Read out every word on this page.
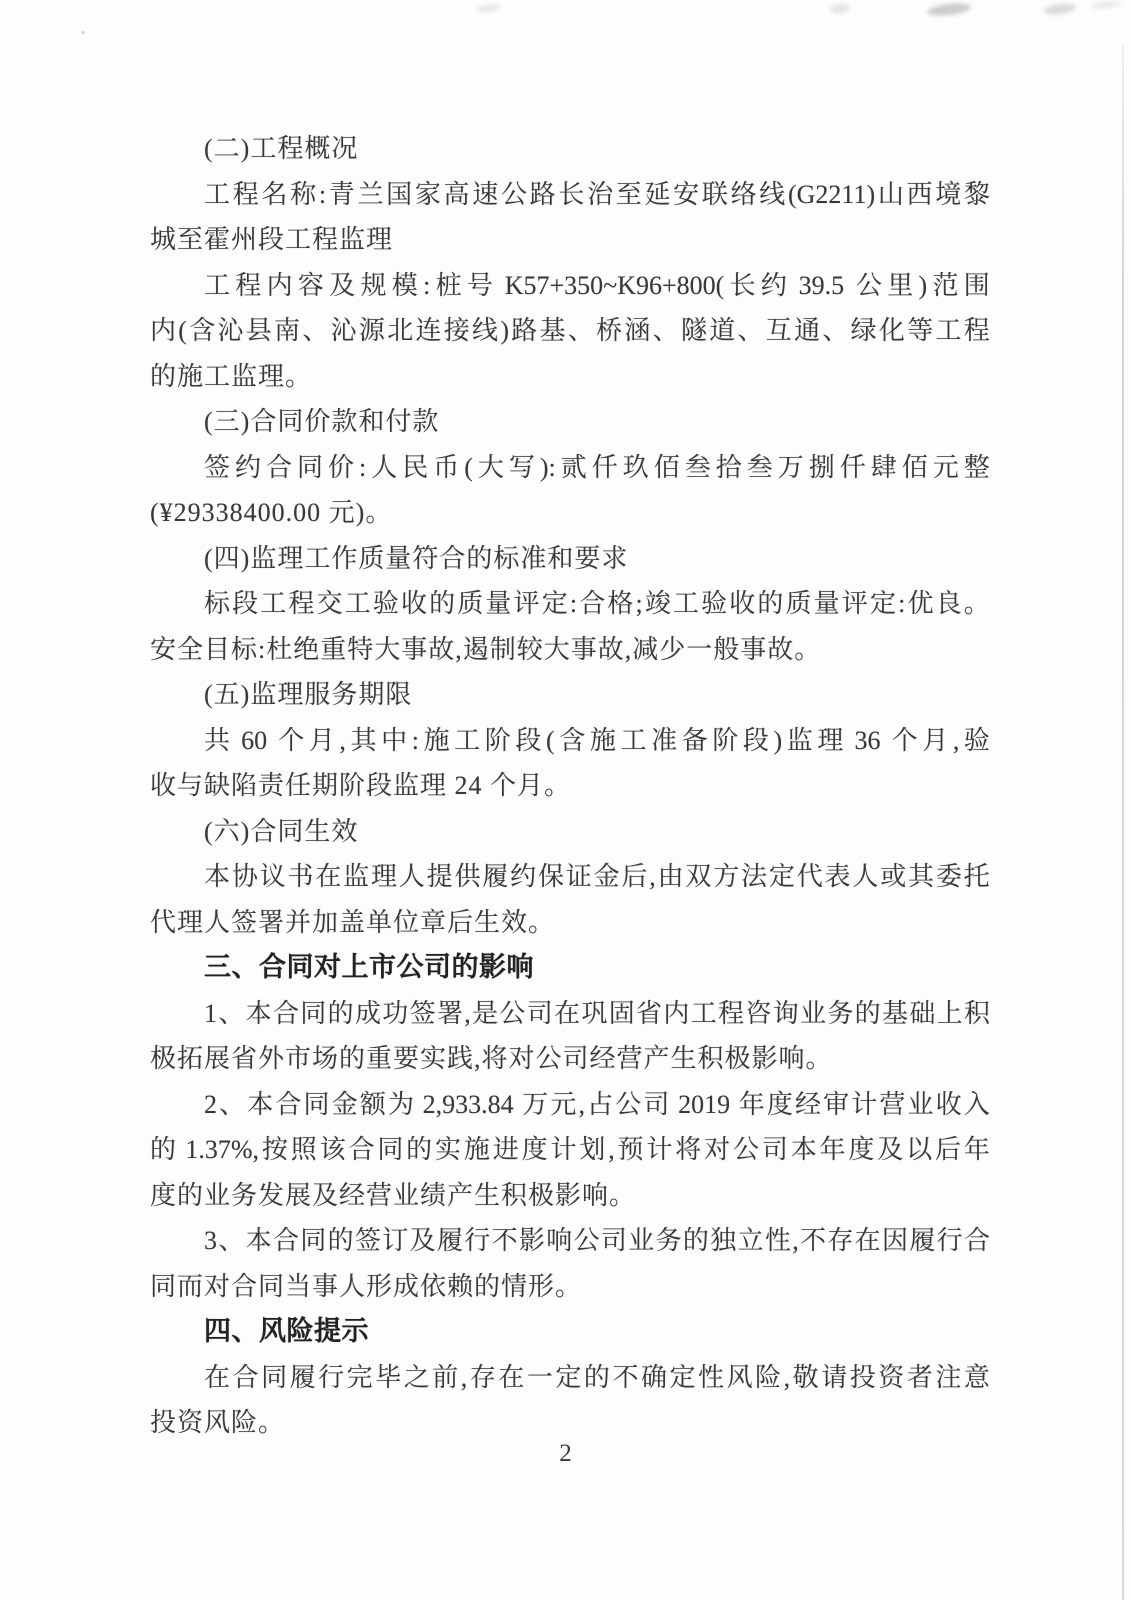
(二)工程概况
工 程 名 称 : 青 兰 国 家 高 速 公 路 长 治 至 延 安 联 络 线 (G2211) 山 西 境 黎
城至霍州段工程监理
工 程 内 容 及 规 模 : 桩 号 K57+350~K96+800( 长 约 39.5 公 里 ) 范 围
内 ( 含 沁 县 南 、 沁 源 北 连 接 线 ) 路 基 、 桥 涵 、 隧 道 、 互 通 、 绿 化 等 工 程
的施工监理。
(三)合同价款和付款
签 约 合 同 价 : 人 民 币 ( 大 写 ): 贰 仟 玖 佰 叁 拾 叁 万 捌 仟 肆 佰 元 整
(¥29338400.00 元)。
(四)监理工作质量符合的标准和要求
标 段 工 程 交 工 验 收 的 质 量 评 定 : 合 格 ; 竣 工 验 收 的 质 量 评 定 : 优 良 。
安全目标:杜绝重特大事故,遏制较大事故,减少一般事故。
(五)监理服务期限
共 60 个 月 , 其 中 : 施 工 阶 段 ( 含 施 工 准 备 阶 段 ) 监 理 36 个 月 , 验
收与缺陷责任期阶段监理 24 个月。
(六)合同生效
本 协 议 书 在 监 理 人 提 供 履 约 保 证 金 后 , 由 双 方 法 定 代 表 人 或 其 委 托
代理人签署并加盖单位章后生效。
三、合同对上市公司的影响
1 、 本 合 同 的 成 功 签 署 , 是 公 司 在 巩 固 省 内 工 程 咨 询 业 务 的 基 础 上 积
极拓展省外市场的重要实践,将对公司经营产生积极影响。
2 、 本 合 同 金 额 为 2,933.84 万 元 , 占 公 司 2019 年 度 经 审 计 营 业 收 入
的 1.37%, 按 照 该 合 同 的 实 施 进 度 计 划 , 预 计 将 对 公 司 本 年 度 及 以 后 年
度的业务发展及经营业绩产生积极影响。
3 、 本 合 同 的 签 订 及 履 行 不 影 响 公 司 业 务 的 独 立 性 , 不 存 在 因 履 行 合
同而对合同当事人形成依赖的情形。
四、风险提示
在 合 同 履 行 完 毕 之 前 , 存 在 一 定 的 不 确 定 性 风 险 , 敬 请 投 资 者 注 意
投资风险。
2
